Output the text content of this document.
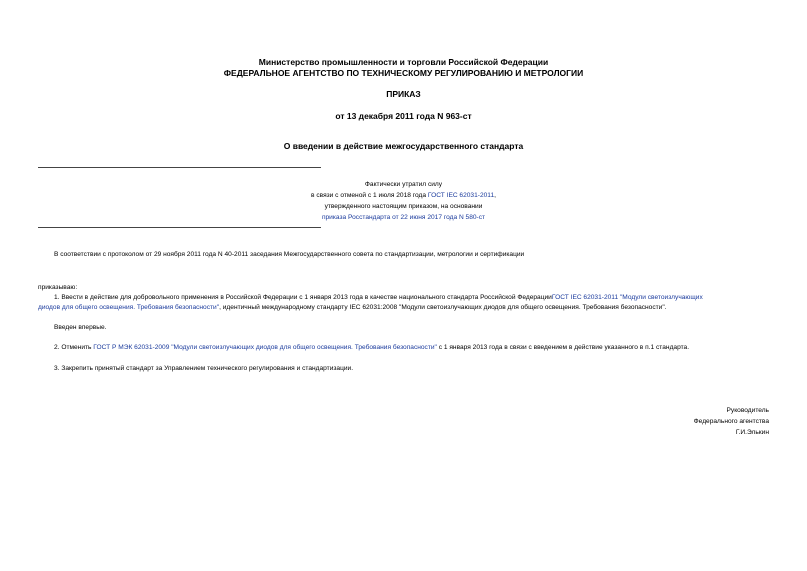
Министерство промышленности и торговли Российской Федерации
ФЕДЕРАЛЬНОЕ АГЕНТСТВО ПО ТЕХНИЧЕСКОМУ РЕГУЛИРОВАНИЮ И МЕТРОЛОГИИ
ПРИКАЗ
от 13 декабря 2011 года N 963-ст
О введении в действие межгосударственного стандарта
Фактически утратил силу
в связи с отменой с 1 июля 2018 года ГОСТ IEC 62031-2011,
утвержденного настоящим приказом, на основании
приказа Росстандарта от 22 июня 2017 года N 580-ст
В соответствии с протоколом от 29 ноября 2011 года N 40-2011 заседания Межгосударственного совета по стандартизации, метрологии и сертификации
приказываю:
1. Ввести в действие для добровольного применения в Российской Федерации с 1 января 2013 года в качестве национального стандарта Российской ФедерацииГОСТ IEC 62031-2011 "Модули светоизлучающих
диодов для общего освещения. Требования безопасности", идентичный международному стандарту IEC 62031:2008 "Модули светоизлучающих диодов для общего освещения. Требования безопасности".
Введен впервые.
2. Отменить ГОСТ Р МЭК 62031-2009 "Модули светоизлучающих диодов для общего освещения. Требования безопасности" с 1 января 2013 года в связи с введением в действие указанного в п.1 стандарта.
3. Закрепить принятый стандарт за Управлением технического регулирования и стандартизации.
Руководитель
Федерального агентства
Г.И.Элькин
